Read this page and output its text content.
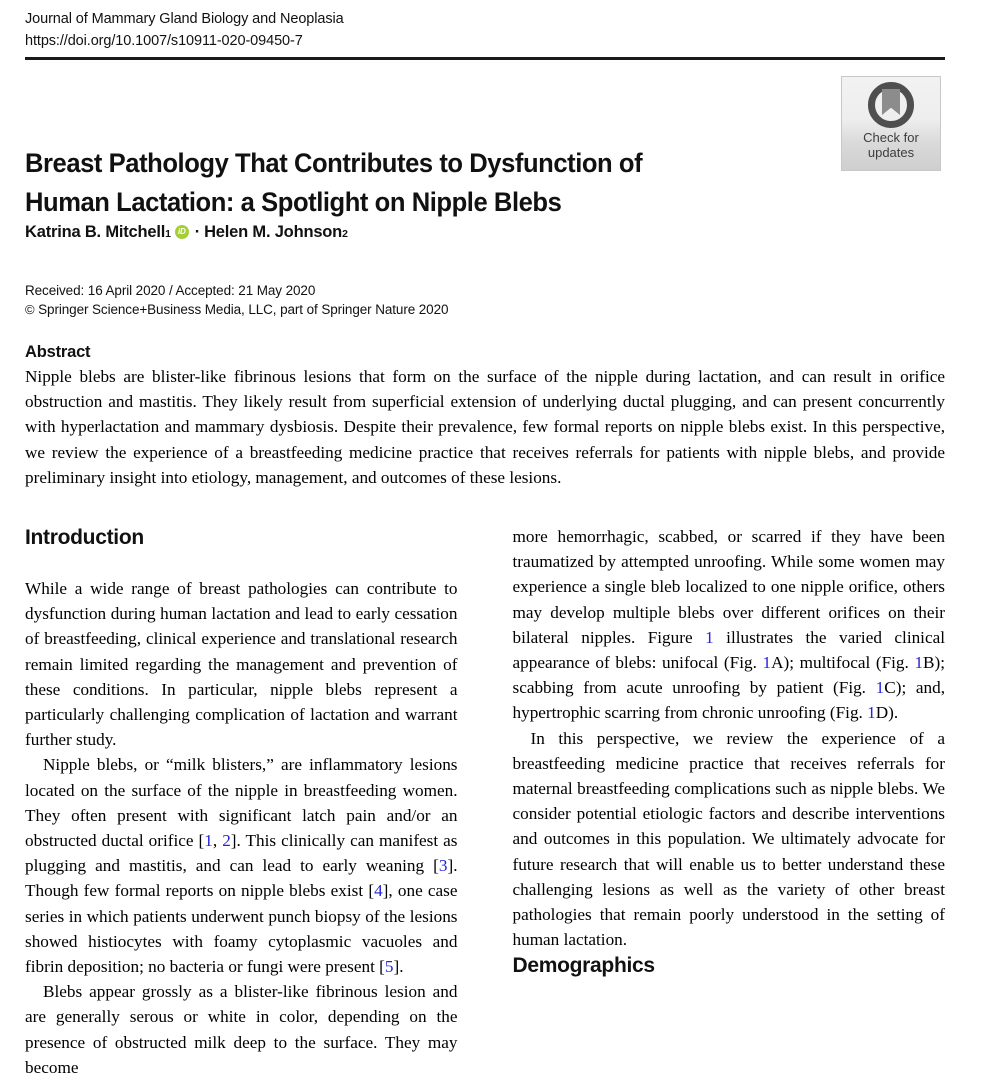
Journal of Mammary Gland Biology and Neoplasia
https://doi.org/10.1007/s10911-020-09450-7
Check for
updates
Breast Pathology That Contributes to Dysfunction of Human Lactation: a Spotlight on Nipple Blebs
Katrina B. Mitchell 1 iD · Helen M. Johnson 2
Received: 16 April 2020 / Accepted: 21 May 2020
© Springer Science+Business Media, LLC, part of Springer Nature 2020
Abstract

Nipple blebs are blister-like fibrinous lesions that form on the surface of the nipple during lactation, and can result in orifice obstruction and mastitis. They likely result from superficial extension of underlying ductal plugging, and can present concurrently with hyperlactation and mammary dysbiosis. Despite their prevalence, few formal reports on nipple blebs exist. In this perspective, we review the experience of a breastfeeding medicine practice that receives referrals for patients with nipple blebs, and provide preliminary insight into etiology, management, and outcomes of these lesions.

Introduction

While a wide range of breast pathologies can contribute to dysfunction during human lactation and lead to early cessation of breastfeeding, clinical experience and translational research remain limited regarding the management and prevention of these conditions. In particular, nipple blebs represent a particularly challenging complication of lactation and warrant further study.

Nipple blebs, or “milk blisters,” are inflammatory lesions located on the surface of the nipple in breastfeeding women. They often present with significant latch pain and/or an obstructed ductal orifice [1, 2]. This clinically can manifest as plugging and mastitis, and can lead to early weaning [3]. Though few formal reports on nipple blebs exist [4], one case series in which patients underwent punch biopsy of the lesions showed histiocytes with foamy cytoplasmic vacuoles and fibrin deposition; no bacteria or fungi were present [5].

Blebs appear grossly as a blister-like fibrinous lesion and are generally serous or white in color, depending on the presence of obstructed milk deep to the surface. They may become

more hemorrhagic, scabbed, or scarred if they have been traumatized by attempted unroofing. While some women may experience a single bleb localized to one nipple orifice, others may develop multiple blebs over different orifices on their bilateral nipples. Figure 1 illustrates the varied clinical appearance of blebs: unifocal (Fig. 1A); multifocal (Fig. 1B); scabbing from acute unroofing by patient (Fig. 1C); and, hypertrophic scarring from chronic unroofing (Fig. 1D).

In this perspective, we review the experience of a breastfeeding medicine practice that receives referrals for maternal breastfeeding complications such as nipple blebs. We consider potential etiologic factors and describe interventions and outcomes in this population. We ultimately advocate for future research that will enable us to better understand these challenging lesions as well as the variety of other breast pathologies that remain poorly understood in the setting of human lactation.

Demographics
